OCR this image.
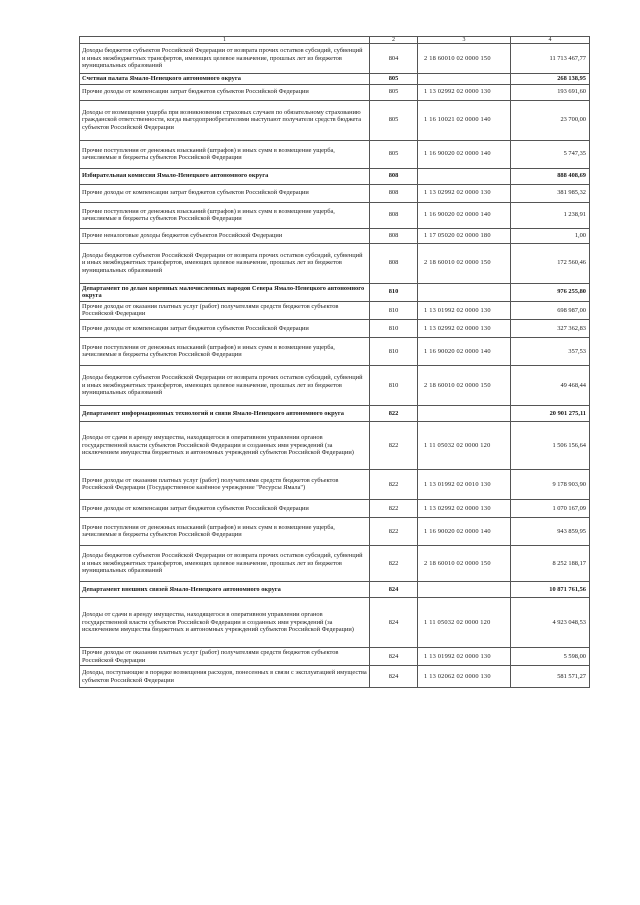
1	2	3	4
Доходы бюджетов субъектов Российской Федерации от возврата прочих остатков субсидий, субвенций и иных межбюджетных трансфертов, имеющих целевое назначение, прошлых лет из бюджетов муниципальных образований	804	2 18 60010 02 0000 150	11 713 467,77
Счетная палата Ямало-Ненецкого автономного округа	805		268 138,95
Прочие доходы от компенсации затрат бюджетов субъектов Российской Федерации	805	1 13 02992 02 0000 130	193 691,60
Доходы от возмещения ущерба при возникновении страховых случаев по обязательному страхованию гражданской ответственности, когда выгодоприобретателями выступают получатели средств бюджета субъектов Российской Федерации	805	1 16 10021 02 0000 140	23 700,00
Прочие поступления от денежных взысканий (штрафов) и иных сумм в возмещение ущерба, зачисляемые в бюджеты субъектов Российской Федерации	805	1 16 90020 02 0000 140	5 747,35
Избирательная комиссия Ямало-Ненецкого автономного округа	808		888 408,69
Прочие доходы от компенсации затрат бюджетов субъектов Российской Федерации	808	1 13 02992 02 0000 130	381 985,32
Прочие поступления от денежных взысканий (штрафов) и иных сумм в возмещение ущерба, зачисляемые в бюджеты субъектов Российской Федерации	808	1 16 90020 02 0000 140	1 238,91
Прочие неналоговые доходы бюджетов субъектов Российской Федерации	808	1 17 05020 02 0000 180	1,00
Доходы бюджетов субъектов Российской Федерации от возврата прочих остатков субсидий, субвенций и иных межбюджетных трансфертов, имеющих целевое назначение, прошлых лет из бюджетов муниципальных образований	808	2 18 60010 02 0000 150	172 560,46
Департамент по делам коренных малочисленных народов Севера Ямало-Ненецкого автономного округа	810		976 255,80
Прочие доходы от оказания платных услуг (работ) получателями средств бюджетов субъектов Российской Федерации	810	1 13 01992 02 0000 130	698 987,00
Прочие доходы от компенсации затрат бюджетов субъектов Российской Федерации	810	1 13 02992 02 0000 130	327 362,83
Прочие поступления от денежных взысканий (штрафов) и иных сумм в возмещение ущерба, зачисляемые в бюджеты субъектов Российской Федерации	810	1 16 90020 02 0000 140	357,53
Доходы бюджетов субъектов Российской Федерации от возврата прочих остатков субсидий, субвенций и иных межбюджетных трансфертов, имеющих целевое назначение, прошлых лет из бюджетов муниципальных образований	810	2 18 60010 02 0000 150	49 468,44
Департамент информационных технологий и связи Ямало-Ненецкого автономного округа	822		20 901 275,11
Доходы от сдачи в аренду имущества, находящегося в оперативном управлении органов государственной власти субъектов Российской Федерации и созданных ими учреждений (за исключением имущества бюджетных и автономных учреждений субъектов Российской Федерации)	822	1 11 05032 02 0000 120	1 506 156,64
Прочие доходы от оказания платных услуг (работ) получателями средств бюджетов субъектов Российской Федерации (Государственное казённое учреждение "Ресурсы Ямала")	822	1 13 01992 02 0010 130	9 178 903,90
Прочие доходы от компенсации затрат бюджетов субъектов Российской Федерации	822	1 13 02992 02 0000 130	1 070 167,09
Прочие поступления от денежных взысканий (штрафов) и иных сумм в возмещение ущерба, зачисляемые в бюджеты субъектов Российской Федерации	822	1 16 90020 02 0000 140	943 859,95
Доходы бюджетов субъектов Российской Федерации от возврата прочих остатков субсидий, субвенций и иных межбюджетных трансфертов, имеющих целевое назначение, прошлых лет из бюджетов муниципальных образований	822	2 18 60010 02 0000 150	8 252 188,17
Департамент внешних связей Ямало-Ненецкого автономного округа	824		10 871 761,56
Доходы от сдачи в аренду имущества, находящегося в оперативном управлении органов государственной власти субъектов Российской Федерации и созданных ими учреждений (за исключением имущества бюджетных и автономных учреждений субъектов Российской Федерации)	824	1 11 05032 02 0000 120	4 923 048,53
Прочие доходы от оказания платных услуг (работ) получателями средств бюджетов субъектов Российской Федерации	824	1 13 01992 02 0000 130	5 598,00
Доходы, поступающие в порядке возмещения расходов, понесенных в связи с эксплуатацией имущества субъектов Российской Федерации	824	1 13 02062 02 0000 130	581 571,27
